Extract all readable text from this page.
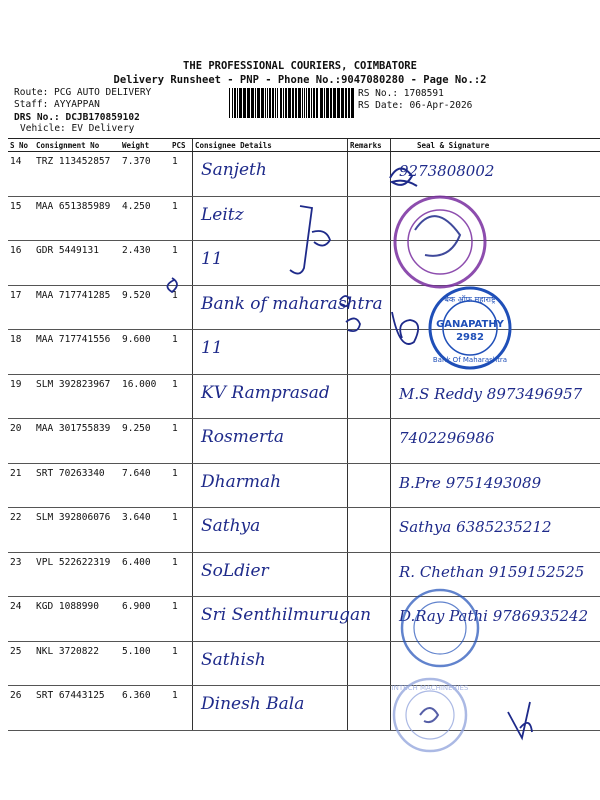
THE PROFESSIONAL COURIERS, COIMBATORE
Delivery Runsheet - PNP - Phone No.:9047080280 - Page No.:2
Route: PCG AUTO DELIVERY
Staff: AYYAPPAN
DRS No.: DCJB170859102
Vehicle: EV Delivery
RS No.: 1708591
RS Date: 06-Apr-2026
S No	Consignment No	Weight	PCS	Consignee Details	Remarks	Seal & Signature
14	TRZ 113452857	7.370	1	Sanjeth		9273808002

15	MAA 651385989	4.250	1	Leitz		

16	GDR 5449131	2.430	1	11		

17	MAA 717741285	9.520	1	Bank of maharashtra		

18	MAA 717741556	9.600	1	11		

19	SLM 392823967	16.000	1	KV Ramprasad		M.S Reddy 8973496957

20	MAA 301755839	9.250	1	Rosmerta		7402296986

21	SRT 70263340	7.640	1	Dharmah		B.Pre 9751493089

22	SLM 392806076	3.640	1	Sathya		Sathya 6385235212

23	VPL 522622319	6.400	1	SoLdier		R. Chethan 9159152525

24	KGD 1088990	6.900	1	Sri Senthilmurugan		D.Ray Pathi 9786935242

25	NKL 3720822	5.100	1	Sathish		

26	SRT 67443125	6.360	1	Dinesh Bala		

बैंक ऑफ महाराष्ट्र
GANAPATHY
2982
Bank Of Maharashtra
INTECH MACHINERIES
